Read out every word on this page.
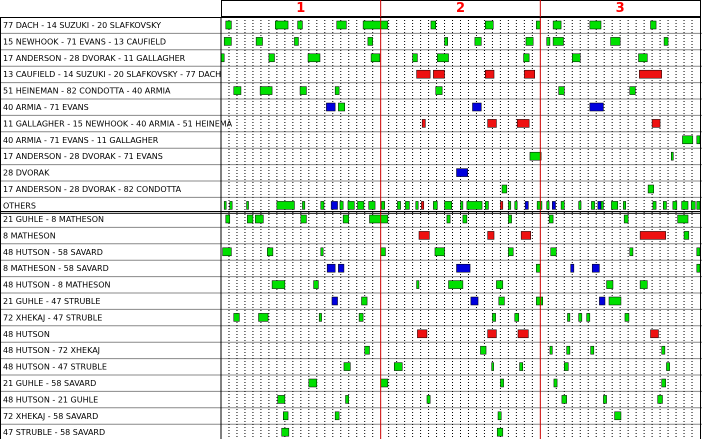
1	2	3
77 DACH - 14 SUZUKI - 20 SLAFKOVSKY
15 NEWHOOK - 71 EVANS - 13 CAUFIELD
17 ANDERSON - 28 DVORAK - 11 GALLAGHER
13 CAUFIELD - 14 SUZUKI - 20 SLAFKOVSKY - 77 DACH
51 HEINEMAN - 82 CONDOTTA - 40 ARMIA
40 ARMIA - 71 EVANS
11 GALLAGHER - 15 NEWHOOK - 40 ARMIA - 51 HEINEMA
40 ARMIA - 71 EVANS - 11 GALLAGHER
17 ANDERSON - 28 DVORAK - 71 EVANS
28 DVORAK
17 ANDERSON - 28 DVORAK - 82 CONDOTTA
OTHERS
21 GUHLE - 8 MATHESON
8 MATHESON
48 HUTSON - 58 SAVARD
8 MATHESON - 58 SAVARD
48 HUTSON - 8 MATHESON
21 GUHLE - 47 STRUBLE
72 XHEKAJ - 47 STRUBLE
48 HUTSON
48 HUTSON - 72 XHEKAJ
48 HUTSON - 47 STRUBLE
21 GUHLE - 58 SAVARD
48 HUTSON - 21 GUHLE
72 XHEKAJ - 58 SAVARD
47 STRUBLE - 58 SAVARD
